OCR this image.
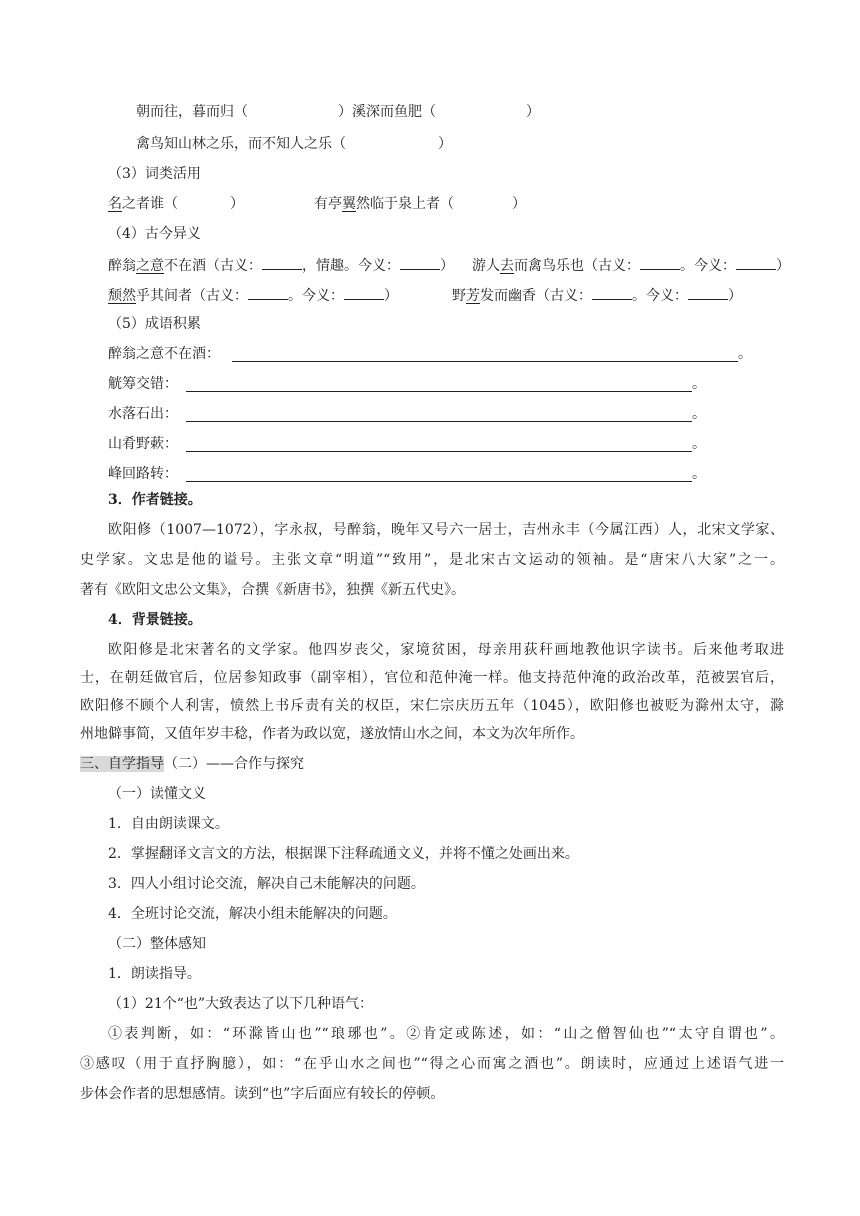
朝而往，暮而归（	）溪深而鱼肥（	）
禽鸟知山林之乐，而不知人之乐（	）
（3）词类活用
名之者谁（	）	有亭翼然临于泉上者（	）
（4）古今异义
醉翁之意不在酒（古义：	，情趣。今义：	） 游人去而禽鸟乐也（古义：	。今义：	）
颓然乎其间者（古义：	。今义：	）	野芳发而幽香（古义：	。今义：	）
（5）成语积累
醉翁之意不在酒：	。
觥筹交错：	。
水落石出：	。
山肴野蔌：	。
峰回路转：	。
3．作者链接。
欧阳修（1007—1072），字永叔，号醉翁，晚年又号六一居士，吉州永丰（今属江西）人，北宋文学家、
史学家。文忠是他的谥号。主张文章“明道”“致用”，是北宋古文运动的领袖。是“唐宋八大家”之一。
著有《欧阳文忠公文集》，合撰《新唐书》，独撰《新五代史》。
4．背景链接。
欧阳修是北宋著名的文学家。他四岁丧父，家境贫困，母亲用荻秆画地教他识字读书。后来他考取进
士，在朝廷做官后，位居参知政事（副宰相），官位和范仲淹一样。他支持范仲淹的政治改革，范被罢官后，
欧阳修不顾个人利害，愤然上书斥责有关的权臣，宋仁宗庆历五年（1045），欧阳修也被贬为滁州太守，滁
州地僻事简，又值年岁丰稔，作者为政以宽，遂放情山水之间，本文为次年所作。
三、自学指导（二）——合作与探究
（一）读懂文义
1．自由朗读课文。
2．掌握翻译文言文的方法，根据课下注释疏通文义，并将不懂之处画出来。
3．四人小组讨论交流，解决自己未能解决的问题。
4．全班讨论交流，解决小组未能解决的问题。
（二）整体感知
1．朗读指导。
（1）21个“也”大致表达了以下几种语气：
①表判断，如：“环滁皆山也”“琅琊也”。②肯定或陈述，如：“山之僧智仙也”“太守自谓也”。
③感叹（用于直抒胸臆），如：“在乎山水之间也”“得之心而寓之酒也”。朗读时，应通过上述语气进一
步体会作者的思想感情。读到“也”字后面应有较长的停顿。
